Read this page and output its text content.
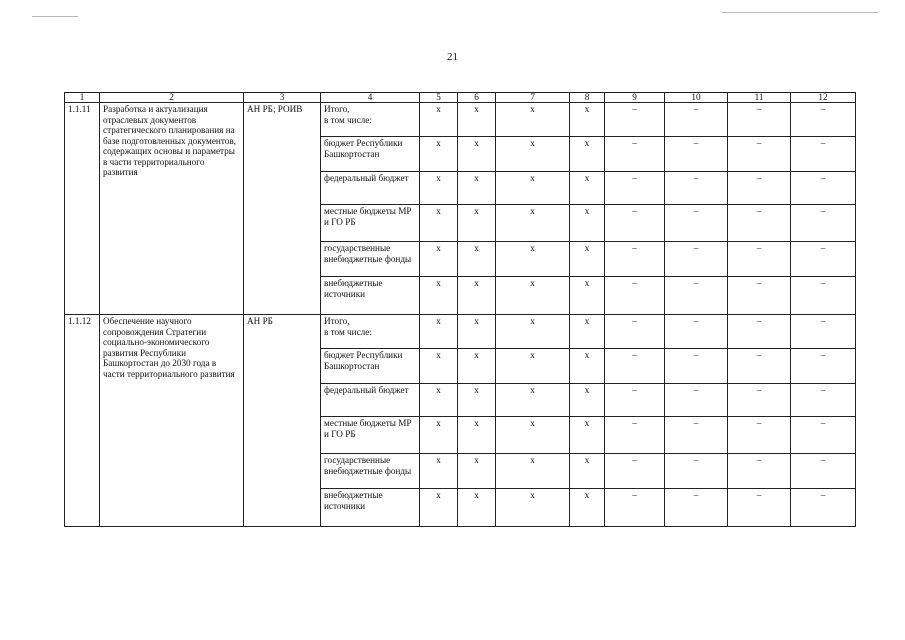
21
1	2	3	4	5	6	7	8	9	10	11	12
1.1.11	Разработка и актуализация отраслевых документов стратегического планирования на базе подготовленных документов, содержащих основы и параметры в части территориального развития	АН РБ; РОИВ	Итого,
в том числе:	x	x	x	x	–	–	–	–
			бюджет Республики Башкортостан	x	x	x	x	–	–	–	–
			федеральный бюджет	x	x	x	x	–	–	–	–
			местные бюджеты МР и ГО РБ	x	x	x	x	–	–	–	–
			государственные внебюджетные фонды	x	x	x	x	–	–	–	–
			внебюджетные источники	x	x	x	x	–	–	–	–
1.1.12	Обеспечение научного сопровождения Стратегии социально-экономического развития Республики Башкортостан до 2030 года в части территориального развития	АН РБ	Итого,
в том числе:	x	x	x	x	–	–	–	–
			бюджет Республики Башкортостан	x	x	x	x	–	–	–	–
			федеральный бюджет	x	x	x	x	–	–	–	–
			местные бюджеты МР и ГО РБ	x	x	x	x	–	–	–	–
			государственные внебюджетные фонды	x	x	x	x	–	–	–	–
			внебюджетные источники	x	x	x	x	–	–	–	–
